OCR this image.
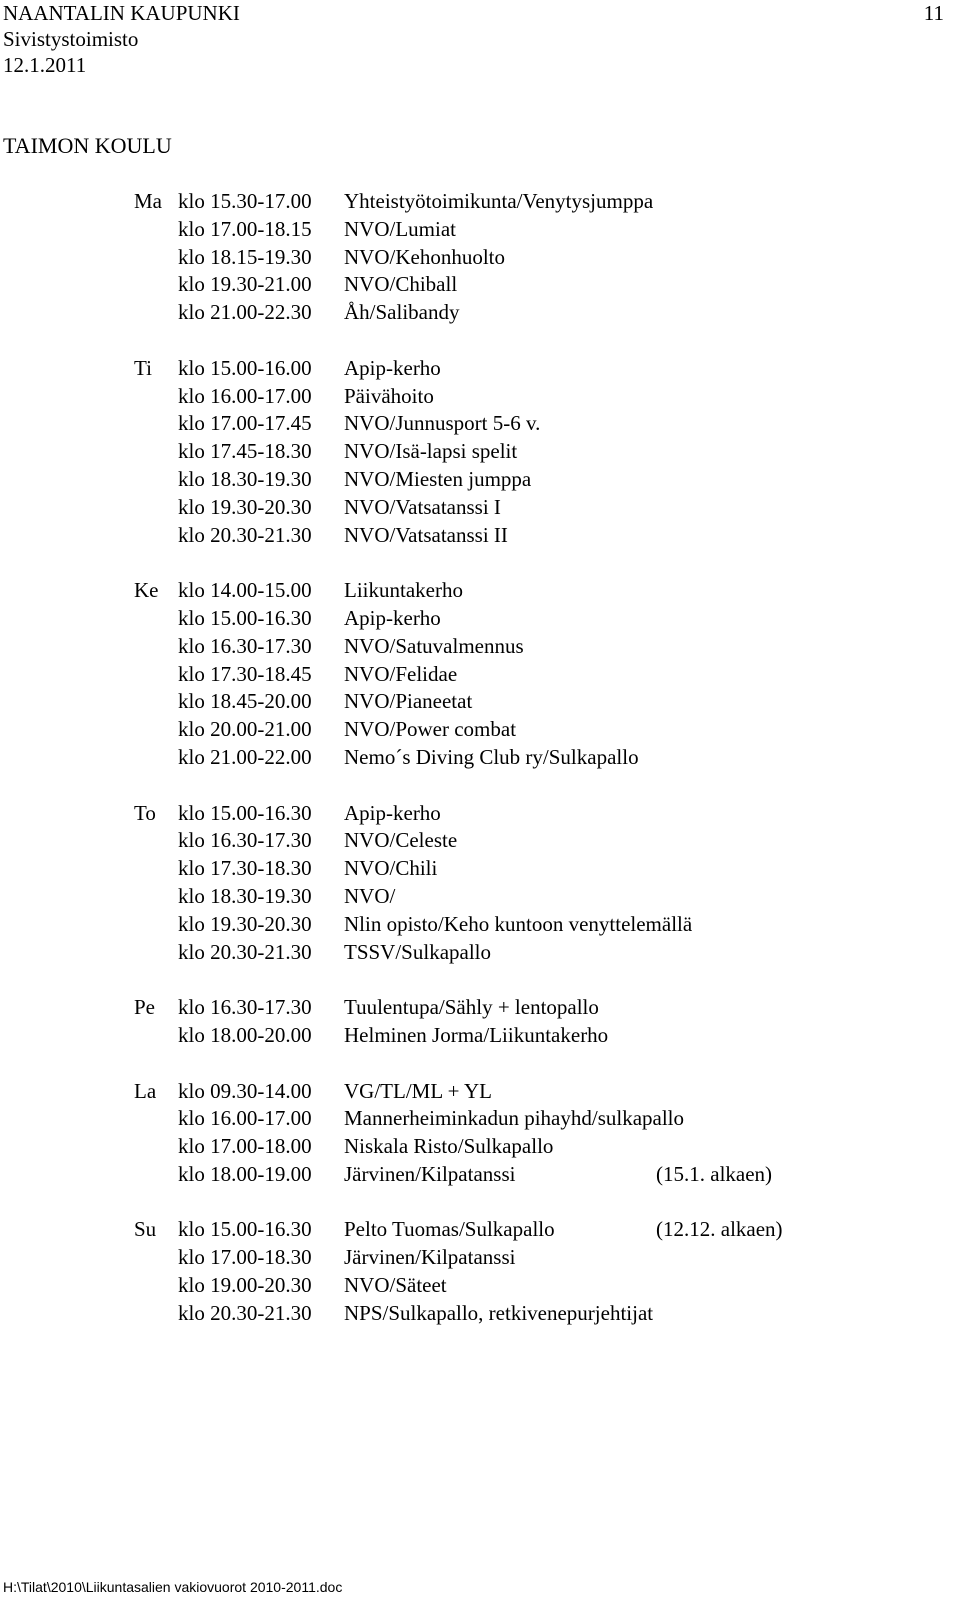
NAANTALIN KAUPUNKI
Sivistystoimisto
12.1.2011
11
TAIMON KOULU
Ma klo 15.30-17.00	Yhteistyötoimikunta/Venytysjumppa
klo 17.00-18.15	NVO/Lumiat
klo 18.15-19.30	NVO/Kehonhuolto
klo 19.30-21.00	NVO/Chiball
klo 21.00-22.30	Åh/Salibandy
Ti	klo 15.00-16.00	Apip-kerho
klo 16.00-17.00	Päivähoito
klo 17.00-17.45	NVO/Junnusport 5-6 v.
klo 17.45-18.30	NVO/Isä-lapsi spelit
klo 18.30-19.30	NVO/Miesten jumppa
klo 19.30-20.30	NVO/Vatsatanssi I
klo 20.30-21.30	NVO/Vatsatanssi II
Ke klo 14.00-15.00	Liikuntakerho
klo 15.00-16.30	Apip-kerho
klo 16.30-17.30	NVO/Satuvalmennus
klo 17.30-18.45	NVO/Felidae
klo 18.45-20.00	NVO/Pianeetat
klo 20.00-21.00	NVO/Power combat
klo 21.00-22.00	Nemo´s Diving Club ry/Sulkapallo
To	klo 15.00-16.30	Apip-kerho
klo 16.30-17.30	NVO/Celeste
klo 17.30-18.30	NVO/Chili
klo 18.30-19.30	NVO/
klo 19.30-20.30	Nlin opisto/Keho kuntoon venyttelemällä
klo 20.30-21.30	TSSV/Sulkapallo
Pe	klo 16.30-17.30	Tuulentupa/Sähly + lentopallo
klo 18.00-20.00	Helminen Jorma/Liikuntakerho
La	klo 09.30-14.00	VG/TL/ML + YL
klo 16.00-17.00	Mannerheiminkadun pihayhd/sulkapallo
klo 17.00-18.00	Niskala Risto/Sulkapallo
klo 18.00-19.00	Järvinen/Kilpatanssi	(15.1. alkaen)
Su	klo 15.00-16.30	Pelto Tuomas/Sulkapallo	(12.12. alkaen)
klo 17.00-18.30	Järvinen/Kilpatanssi
klo 19.00-20.30	NVO/Säteet
klo 20.30-21.30	NPS/Sulkapallo, retkivenepurjehtijat
H:\Tilat\2010\Liikuntasalien vakiovuorot 2010-2011.doc
